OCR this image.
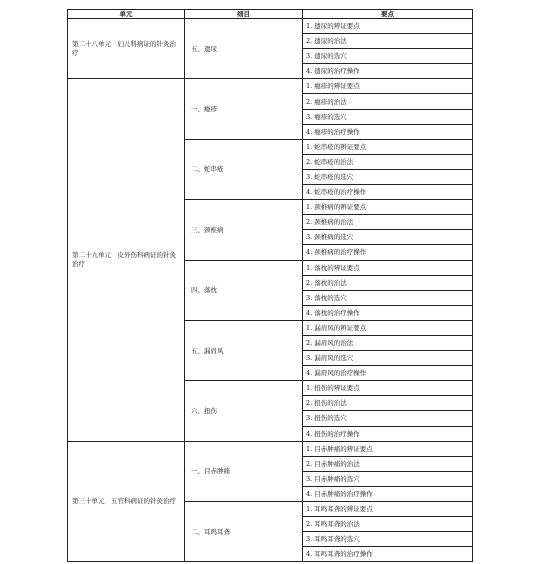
单元	细目	要点
第二十八单元　妇儿科病证的针灸治疗	五、遗尿	1. 遗尿的辨证要点
		2. 遗尿的治法
		3. 遗尿的选穴
		4. 遗尿的治疗操作
第二十九单元　皮外伤科病证的针灸治疗	一、瘾疹	1. 瘾疹的辨证要点
		2. 瘾疹的治法
		3. 瘾疹的选穴
		4. 瘾疹的治疗操作
	二、蛇串疮	1. 蛇串疮的辨证要点
		2. 蛇串疮的治法
		3. 蛇串疮的选穴
		4. 蛇串疮的治疗操作
	三、颈椎病	1. 颈椎病的辨证要点
		2. 颈椎病的治法
		3. 颈椎病的选穴
		4. 颈椎病的治疗操作
	四、落枕	1. 落枕的辨证要点
		2. 落枕的治法
		3. 落枕的选穴
		4. 落枕的治疗操作
	五、漏肩风	1. 漏肩风的辨证要点
		2. 漏肩风的治法
		3. 漏肩风的选穴
		4. 漏肩风的治疗操作
	六、扭伤	1. 扭伤的辨证要点
		2. 扭伤的治法
		3. 扭伤的选穴
		4. 扭伤的治疗操作
第三十单元　五官科病证的针灸治疗	一、目赤肿痛	1. 目赤肿痛的辨证要点
		2. 目赤肿痛的治法
		3. 目赤肿痛的选穴
		4. 目赤肿痛的治疗操作
	二、耳鸣耳聋	1. 耳鸣耳聋的辨证要点
		2. 耳鸣耳聋的治法
		3. 耳鸣耳聋的选穴
		4. 耳鸣耳聋的治疗操作
